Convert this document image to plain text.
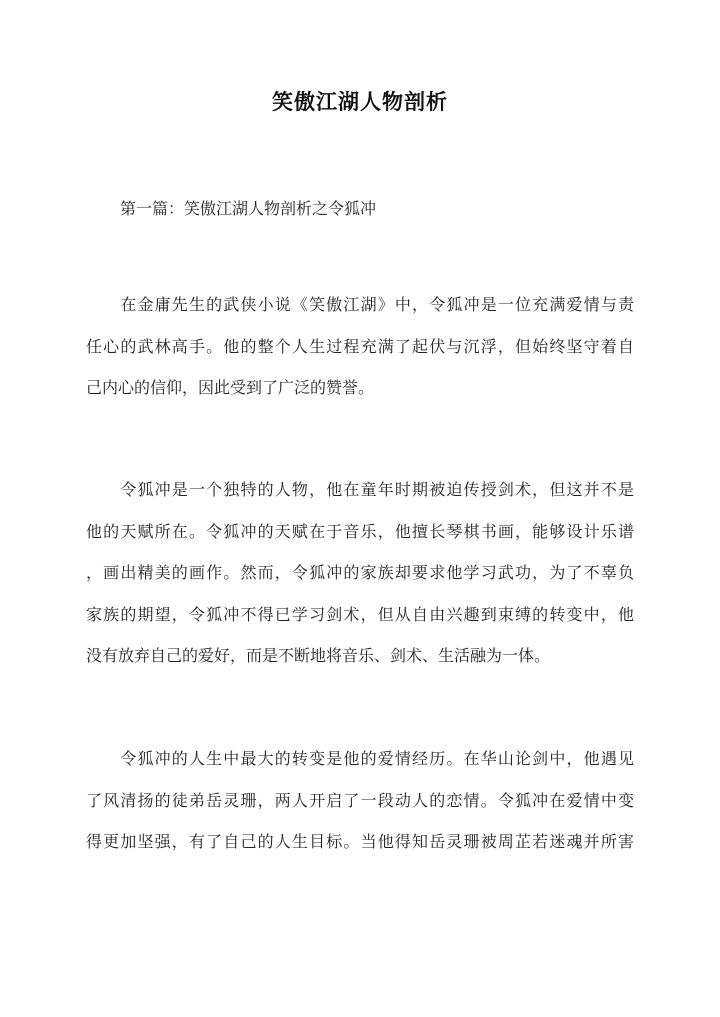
笑傲江湖人物剖析
第一篇：笑傲江湖人物剖析之令狐冲
　　在金庸先生的武侠小说《笑傲江湖》中，令狐冲是一位充满爱情与责
任心的武林高手。他的整个人生过程充满了起伏与沉浮，但始终坚守着自
己内心的信仰，因此受到了广泛的赞誉。
　　令狐冲是一个独特的人物，他在童年时期被迫传授剑术，但这并不是
他的天赋所在。令狐冲的天赋在于音乐，他擅长琴棋书画，能够设计乐谱
，画出精美的画作。然而，令狐冲的家族却要求他学习武功，为了不辜负
家族的期望，令狐冲不得已学习剑术，但从自由兴趣到束缚的转变中，他
没有放弃自己的爱好，而是不断地将音乐、剑术、生活融为一体。
　　令狐冲的人生中最大的转变是他的爱情经历。在华山论剑中，他遇见
了风清扬的徒弟岳灵珊，两人开启了一段动人的恋情。令狐冲在爱情中变
得更加坚强，有了自己的人生目标。当他得知岳灵珊被周芷若迷魂并所害
